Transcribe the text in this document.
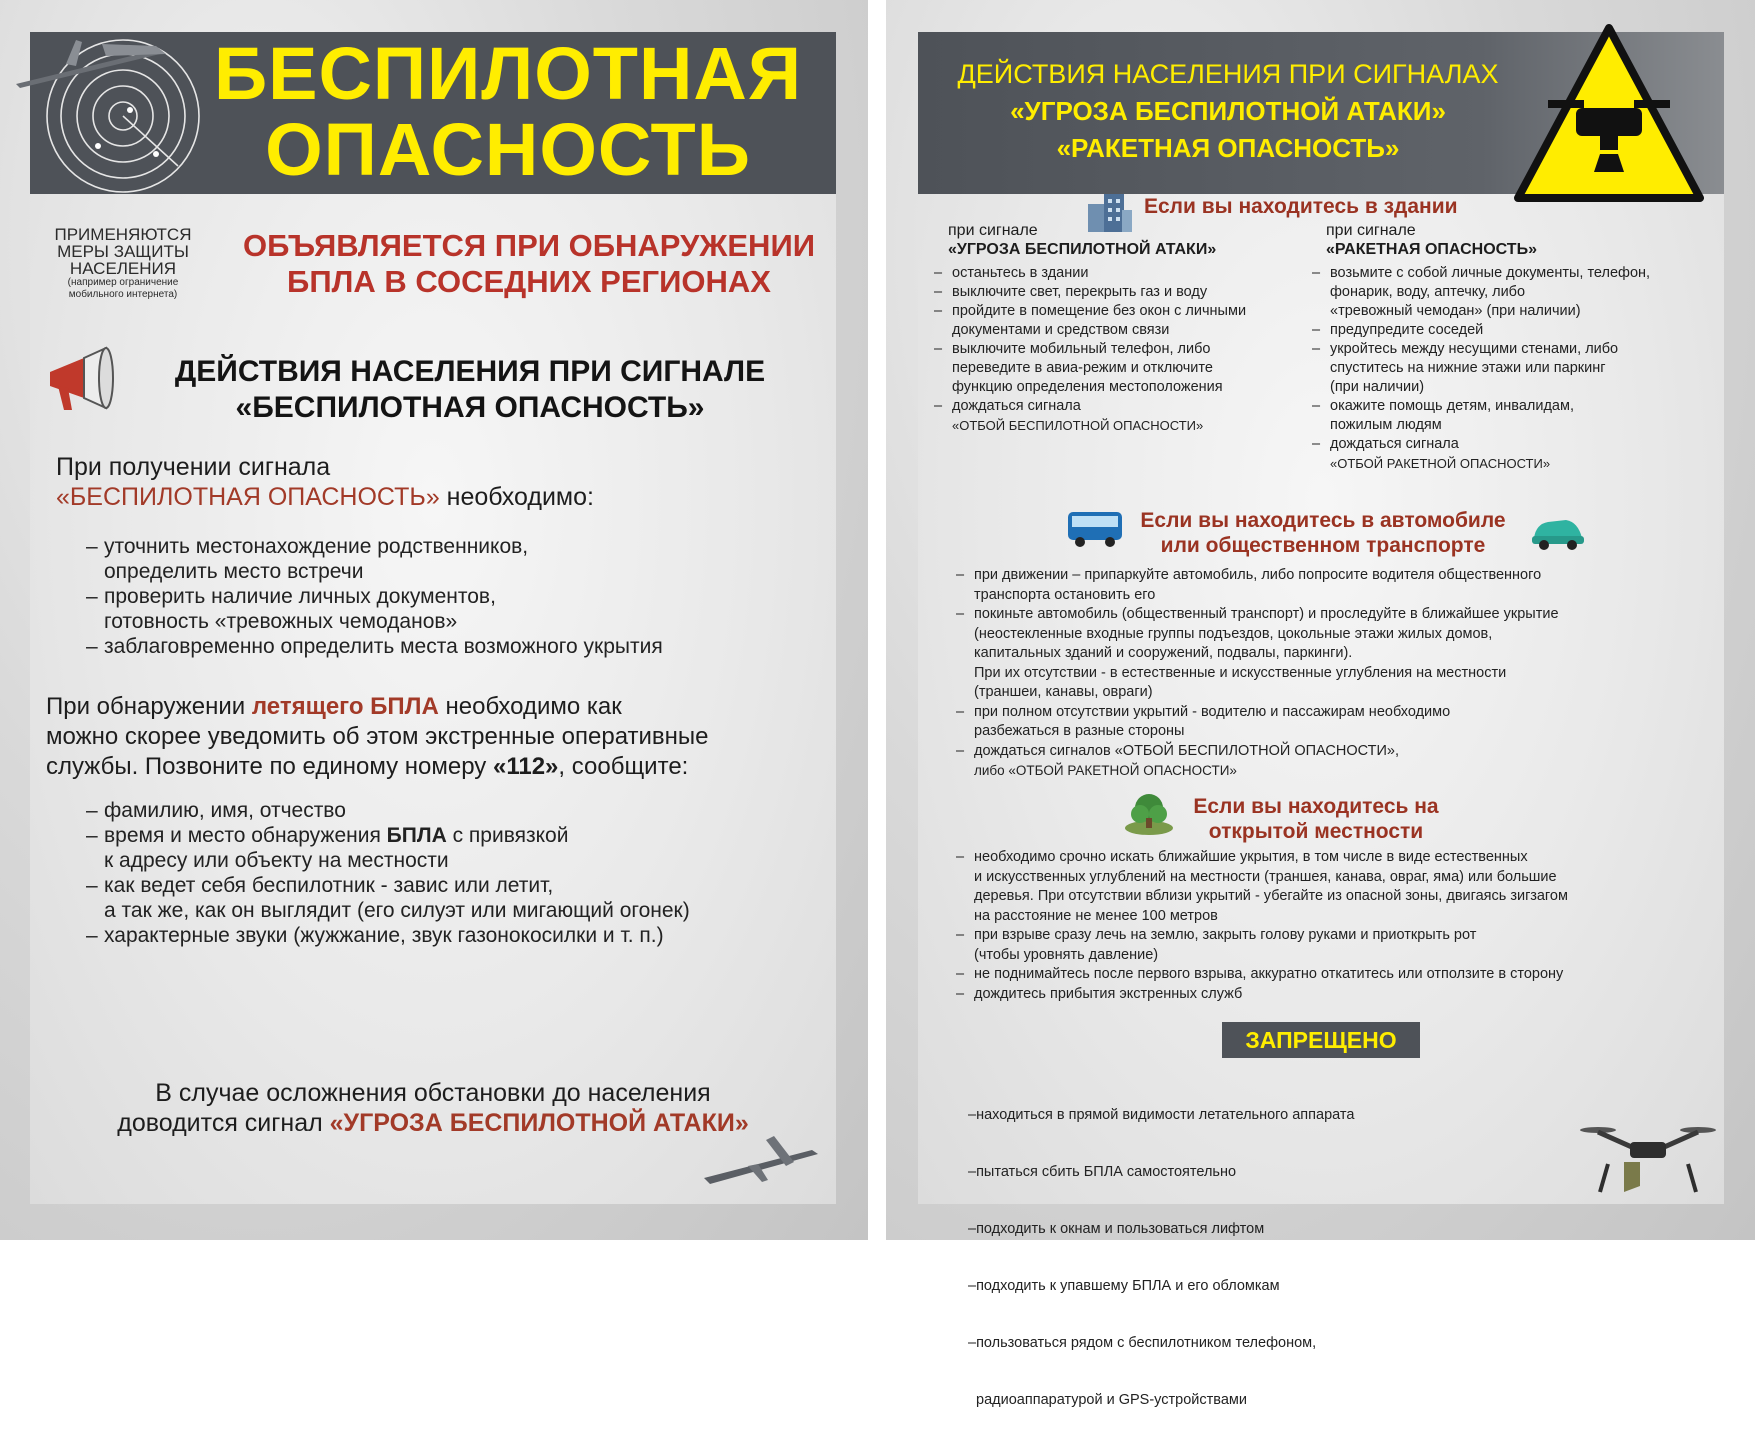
БЕСПИЛОТНАЯ
ОПАСНОСТЬ
ПРИМЕНЯЮТСЯ
МЕРЫ ЗАЩИТЫ
НАСЕЛЕНИЯ
(например ограничение
мобильного интернета)
ОБЪЯВЛЯЕТСЯ ПРИ ОБНАРУЖЕНИИ
БПЛА В СОСЕДНИХ РЕГИОНАХ
ДЕЙСТВИЯ НАСЕЛЕНИЯ ПРИ СИГНАЛЕ
«БЕСПИЛОТНАЯ ОПАСНОСТЬ»
При получении сигнала
«БЕСПИЛОТНАЯ ОПАСНОСТЬ» необходимо:
– уточнить местонахождение родственников,
определить место встречи
– проверить наличие личных документов,
готовность «тревожных чемоданов»
– заблаговременно определить места возможного укрытия
При обнаружении летящего БПЛА необходимо как
можно скорее уведомить об этом экстренные оперативные
службы. Позвоните по единому номеру «112», сообщите:
– фамилию, имя, отчество
– время и место обнаружения БПЛА с привязкой
к адресу или объекту на местности
– как ведет себя беспилотник - завис или летит,
а так же, как он выглядит (его силуэт или мигающий огонек)
– характерные звуки (жужжание, звук газонокосилки и т. п.)
В случае осложнения обстановки до населения
доводится сигнал «УГРОЗА БЕСПИЛОТНОЙ АТАКИ»
ДЕЙСТВИЯ НАСЕЛЕНИЯ ПРИ СИГНАЛАХ
«УГРОЗА БЕСПИЛОТНОЙ АТАКИ»
«РАКЕТНАЯ ОПАСНОСТЬ»
Если вы находитесь в здании
при сигнале
«УГРОЗА БЕСПИЛОТНОЙ АТАКИ»
– останьтесь в здании
– выключите свет, перекрыть газ и воду
– пройдите в помещение без окон с личными
документами и средством связи
– выключите мобильный телефон, либо
переведите в авиа-режим и отключите
функцию определения местоположения
– дождаться сигнала
«ОТБОЙ БЕСПИЛОТНОЙ ОПАСНОСТИ»
при сигнале
«РАКЕТНАЯ ОПАСНОСТЬ»
– возьмите с собой личные документы, телефон,
фонарик, воду, аптечку, либо
«тревожный чемодан» (при наличии)
– предупредите соседей
– укройтесь между несущими стенами, либо
спуститесь на нижние этажи или паркинг
(при наличии)
– окажите помощь детям, инвалидам,
пожилым людям
– дождаться сигнала
«ОТБОЙ РАКЕТНОЙ ОПАСНОСТИ»
Если вы находитесь в автомобиле
или общественном транспорте
– при движении – припаркуйте автомобиль, либо попросите водителя общественного
транспорта остановить его
– покиньте автомобиль (общественный транспорт) и проследуйте в ближайшее укрытие
(неостекленные входные группы подъездов, цокольные этажи жилых домов,
капитальных зданий и сооружений, подвалы, паркинги).
При их отсутствии - в естественные и искусственные углубления на местности
(траншеи, канавы, овраги)
– при полном отсутствии укрытий - водителю и пассажирам необходимо
разбежаться в разные стороны
– дождаться сигналов «ОТБОЙ БЕСПИЛОТНОЙ ОПАСНОСТИ»,
либо «ОТБОЙ РАКЕТНОЙ ОПАСНОСТИ»
Если вы находитесь на
открытой местности
– необходимо срочно искать ближайшие укрытия, в том числе в виде естественных
и искусственных углублений на местности (траншея, канава, овраг, яма) или большие
деревья. При отсутствии вблизи укрытий - убегайте из опасной зоны, двигаясь зигзагом
на расстояние не менее 100 метров
– при взрыве сразу лечь на землю, закрыть голову руками и приоткрыть рот
(чтобы уровнять давление)
– не поднимайтесь после первого взрыва, аккуратно откатитесь или отползите в сторону
– дождитесь прибытия экстренных служб
ЗАПРЕЩЕНО

–находиться в прямой видимости летательного аппарата

–пытаться сбить БПЛА самостоятельно

–подходить к окнам и пользоваться лифтом

–подходить к упавшему БПЛА и его обломкам

–пользоваться рядом с беспилотником телефоном,

радиоаппаратурой и GPS-устройствами
